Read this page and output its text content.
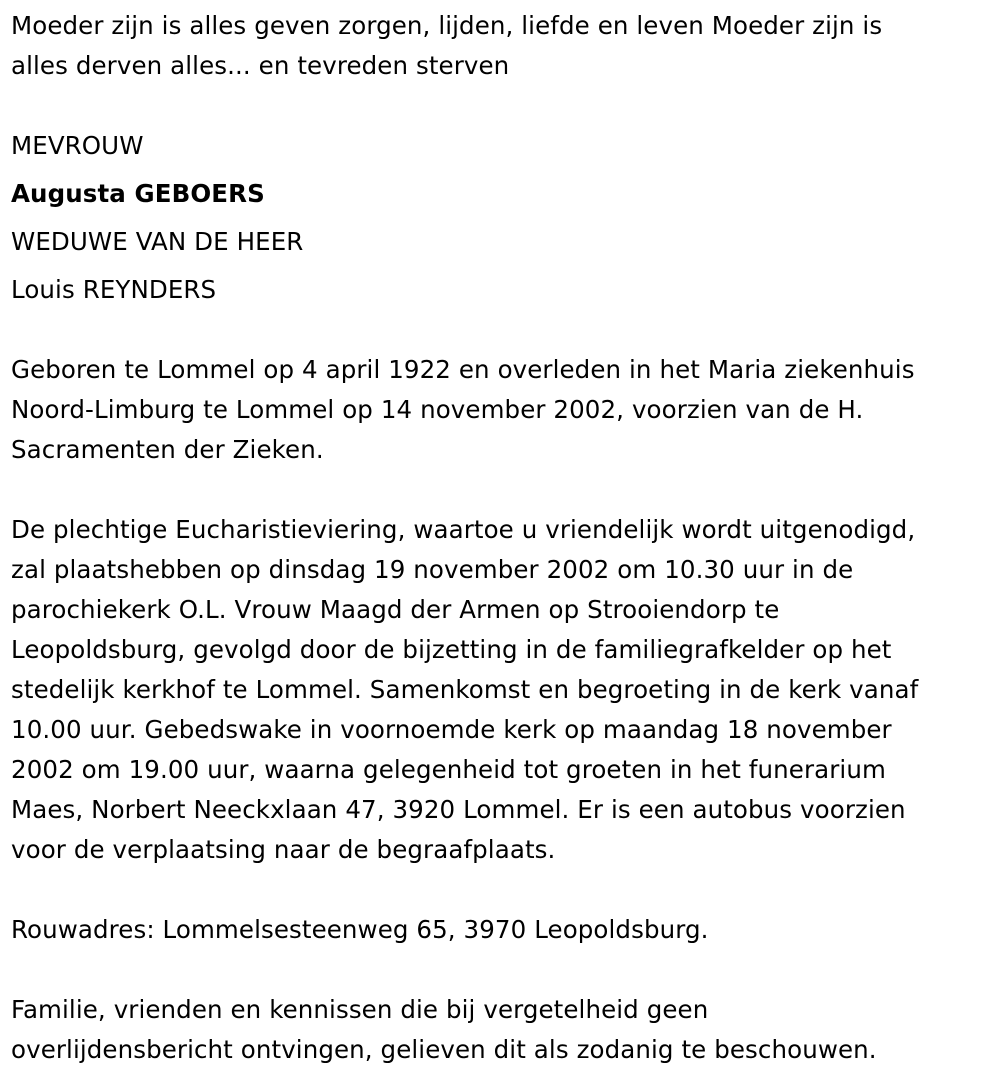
Moeder zijn is alles geven zorgen, lijden, liefde en leven Moeder zijn is
alles derven alles... en tevreden sterven
MEVROUW
Augusta GEBOERS
WEDUWE VAN DE HEER
Louis REYNDERS
Geboren te Lommel op 4 april 1922 en overleden in het Maria ziekenhuis
Noord-Limburg te Lommel op 14 november 2002, voorzien van de H.
Sacramenten der Zieken.
De plechtige Eucharistieviering, waartoe u vriendelijk wordt uitgenodigd,
zal plaatshebben op dinsdag 19 november 2002 om 10.30 uur in de
parochiekerk O.L. Vrouw Maagd der Armen op Strooiendorp te
Leopoldsburg, gevolgd door de bijzetting in de familiegrafkelder op het
stedelijk kerkhof te Lommel. Samenkomst en begroeting in de kerk vanaf
10.00 uur. Gebedswake in voornoemde kerk op maandag 18 november
2002 om 19.00 uur, waarna gelegenheid tot groeten in het funerarium
Maes, Norbert Neeckxlaan 47, 3920 Lommel. Er is een autobus voorzien
voor de verplaatsing naar de begraafplaats.
Rouwadres: Lommelsesteenweg 65, 3970 Leopoldsburg.
Familie, vrienden en kennissen die bij vergetelheid geen
overlijdensbericht ontvingen, gelieven dit als zodanig te beschouwen.
